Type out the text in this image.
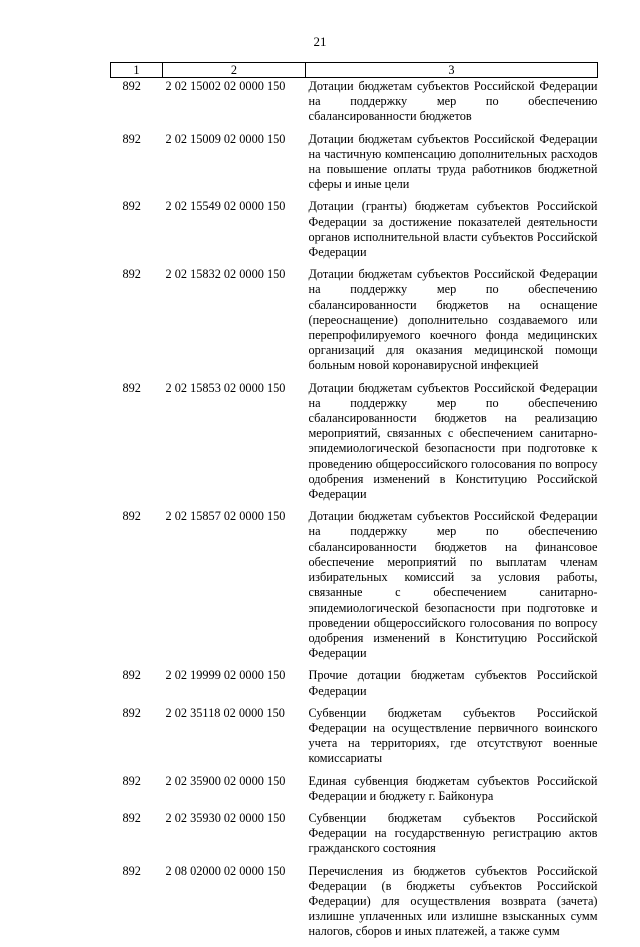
21
1	2	3
892	2 02 15002 02 0000 150	Дотации бюджетам субъектов Российской Федерации на поддержку мер по обеспечению сбалансированности бюджетов
892	2 02 15009 02 0000 150	Дотации бюджетам субъектов Российской Федерации на частичную компенсацию дополнительных расходов на повышение оплаты труда работников бюджетной сферы и иные цели
892	2 02 15549 02 0000 150	Дотации (гранты) бюджетам субъектов Российской Федерации за достижение показателей деятельности органов исполнительной власти субъектов Российской Федерации
892	2 02 15832 02 0000 150	Дотации бюджетам субъектов Российской Федерации на поддержку мер по обеспечению сбалансированности бюджетов на оснащение (переоснащение) дополнительно создаваемого или перепрофилируемого коечного фонда медицинских организаций для оказания медицинской помощи больным новой коронавирусной инфекцией
892	2 02 15853 02 0000 150	Дотации бюджетам субъектов Российской Федерации на поддержку мер по обеспечению сбалансированности бюджетов на реализацию мероприятий, связанных с обеспечением санитарно-эпидемиологической безопасности при подготовке к проведению общероссийского голосования по вопросу одобрения изменений в Конституцию Российской Федерации
892	2 02 15857 02 0000 150	Дотации бюджетам субъектов Российской Федерации на поддержку мер по обеспечению сбалансированности бюджетов на финансовое обеспечение мероприятий по выплатам членам избирательных комиссий за условия работы, связанные с обеспечением санитарно-эпидемиологической безопасности при подготовке и проведении общероссийского голосования по вопросу одобрения изменений в Конституцию Российской Федерации
892	2 02 19999 02 0000 150	Прочие дотации бюджетам субъектов Российской Федерации
892	2 02 35118 02 0000 150	Субвенции бюджетам субъектов Российской Федерации на осуществление первичного воинского учета на территориях, где отсутствуют военные комиссариаты
892	2 02 35900 02 0000 150	Единая субвенция бюджетам субъектов Российской Федерации и бюджету г. Байконура
892	2 02 35930 02 0000 150	Субвенции бюджетам субъектов Российской Федерации на государственную регистрацию актов гражданского состояния
892	2 08 02000 02 0000 150	Перечисления из бюджетов субъектов Российской Федерации (в бюджеты субъектов Российской Федерации) для осуществления возврата (зачета) излишне уплаченных или излишне взысканных сумм налогов, сборов и иных платежей, а также сумм
